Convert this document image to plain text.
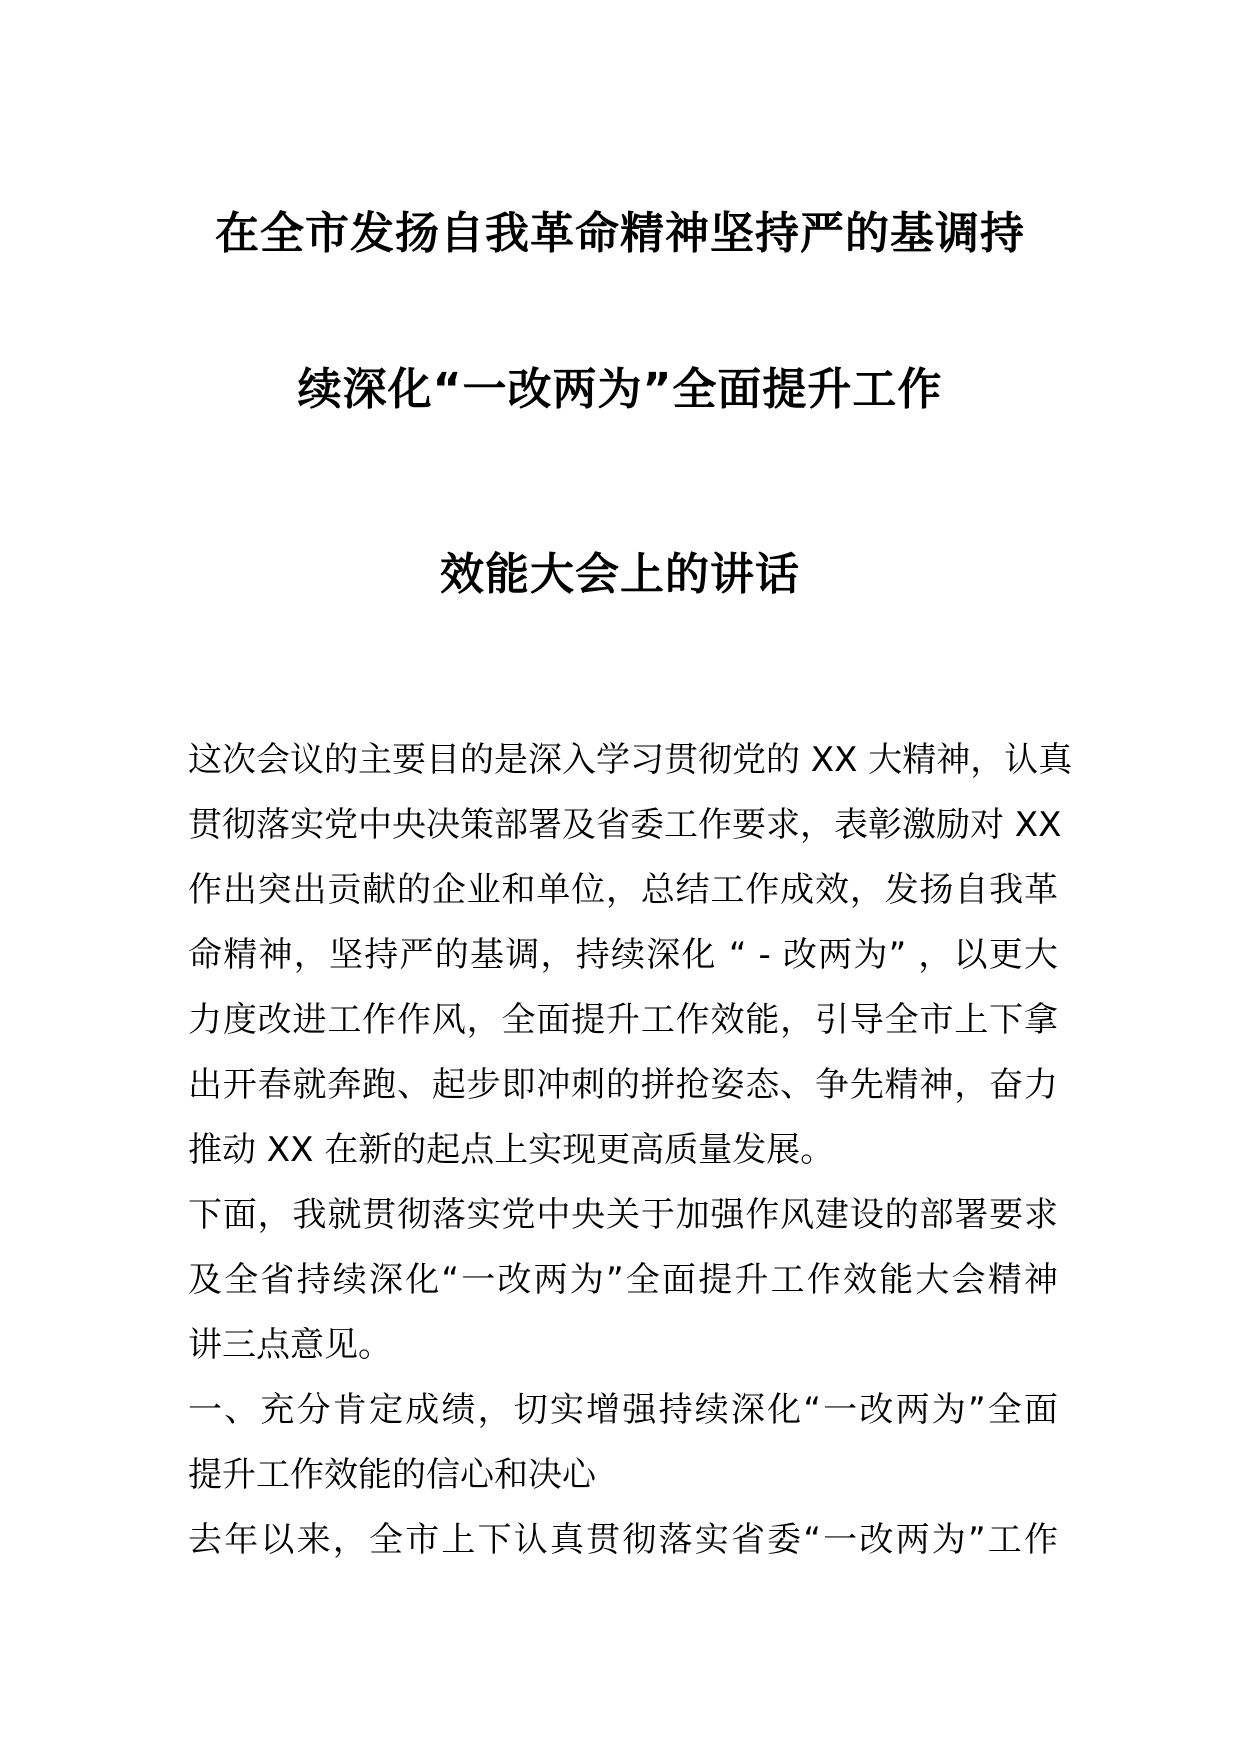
在全市发扬自我革命精神坚持严的基调持
续深化“一改两为”全面提升工作
效能大会上的讲话
这次会议的主要目的是深入学习贯彻党的 XX 大精神，认真
贯彻落实党中央决策部署及省委工作要求，表彰激励对 XX
作出突出贡献的企业和单位，总结工作成效，发扬自我革
命精神，坚持严的基调，持续深化 “ - 改两为” ，以更大
力度改进工作作风，全面提升工作效能，引导全市上下拿
出开春就奔跑、起步即冲刺的拼抢姿态、争先精神，奋力
推动 XX 在新的起点上实现更高质量发展。
下面，我就贯彻落实党中央关于加强作风建设的部署要求
及全省持续深化“一改两为”全面提升工作效能大会精神
讲三点意见。
一、充分肯定成绩，切实增强持续深化“一改两为”全面
提升工作效能的信心和决心
去年以来，全市上下认真贯彻落实省委“一改两为”工作
